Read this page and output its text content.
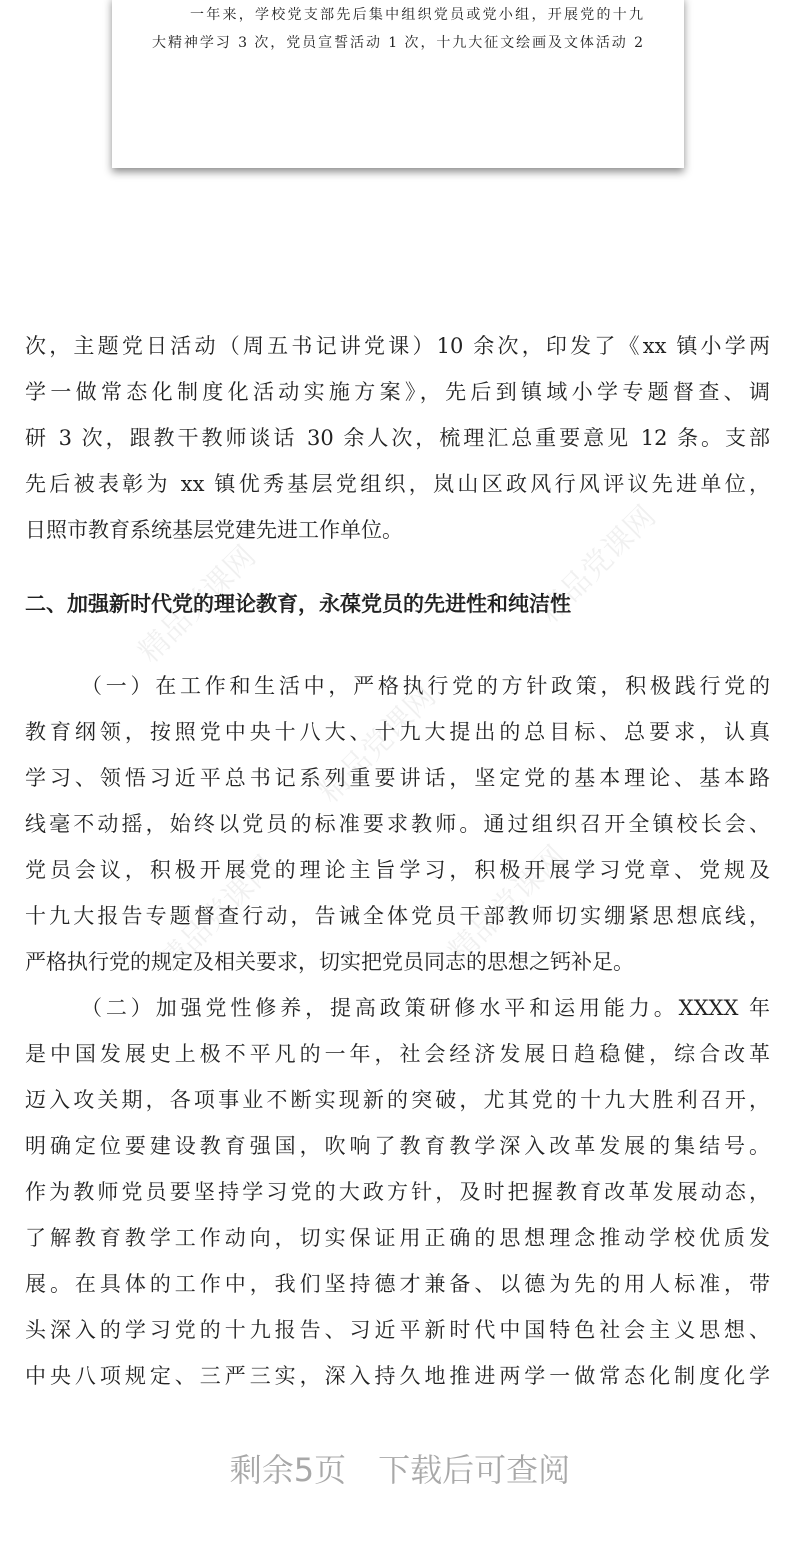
一年来，学校党支部先后集中组织党员或党小组，开展党的十九
大精神学习 3 次，党员宣誓活动 1 次，十九大征文绘画及文体活动 2
精品党课网
精品党课网
精品党课网
精品党课网	精品党课网
次，主题党日活动（周五书记讲党课）10 余次，印发了《xx 镇小学两
学一做常态化制度化活动实施方案》，先后到镇域小学专题督查、调
研 3 次，跟教干教师谈话 30 余人次，梳理汇总重要意见 12 条。支部
先后被表彰为 xx 镇优秀基层党组织，岚山区政风行风评议先进单位，
日照市教育系统基层党建先进工作单位。
二、加强新时代党的理论教育，永葆党员的先进性和纯洁性
（一）在工作和生活中，严格执行党的方针政策，积极践行党的
教育纲领，按照党中央十八大、十九大提出的总目标、总要求，认真
学习、领悟习近平总书记系列重要讲话，坚定党的基本理论、基本路
线毫不动摇，始终以党员的标准要求教师。通过组织召开全镇校长会、
党员会议，积极开展党的理论主旨学习，积极开展学习党章、党规及
十九大报告专题督查行动，告诫全体党员干部教师切实绷紧思想底线，
严格执行党的规定及相关要求，切实把党员同志的思想之钙补足。
（二）加强党性修养，提高政策研修水平和运用能力。XXXX 年
是中国发展史上极不平凡的一年，社会经济发展日趋稳健，综合改革
迈入攻关期，各项事业不断实现新的突破，尤其党的十九大胜利召开，
明确定位要建设教育强国，吹响了教育教学深入改革发展的集结号。
作为教师党员要坚持学习党的大政方针，及时把握教育改革发展动态，
了解教育教学工作动向，切实保证用正确的思想理念推动学校优质发
展。在具体的工作中，我们坚持德才兼备、以德为先的用人标准，带
头深入的学习党的十九报告、习近平新时代中国特色社会主义思想、
中央八项规定、三严三实，深入持久地推进两学一做常态化制度化学
剩余5页 下载后可查阅
